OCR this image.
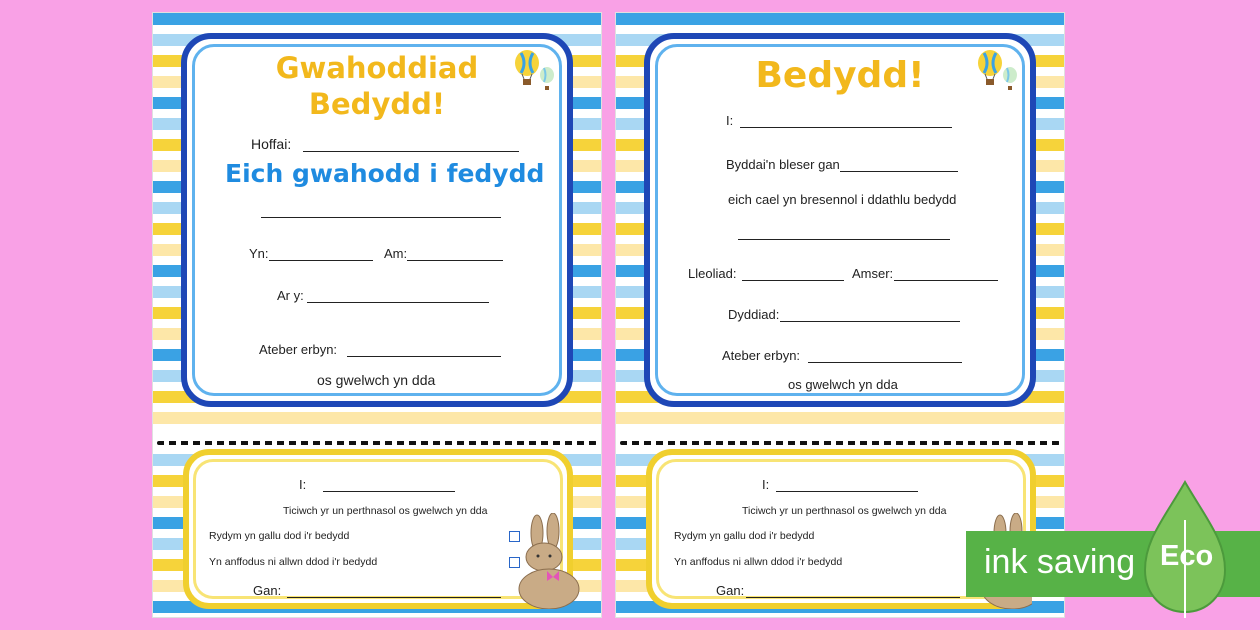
Gwahoddiad
Bedydd!
Hoffai:
Eich gwahodd i fedydd
Yn:	Am:
Ar y:
Ateber erbyn:
os gwelwch yn dda
I:
Ticiwch yr un perthnasol os gwelwch yn dda
Rydym yn gallu dod i'r bedydd
Yn anffodus ni allwn ddod i'r bedydd
Gan:
Bedydd!
I:
Byddai'n bleser gan
eich cael yn bresennol i ddathlu bedydd
Lleoliad:	Amser:
Dyddiad:
Ateber erbyn:
os gwelwch yn dda
I:
Ticiwch yr un perthnasol os gwelwch yn dda
Rydym yn gallu dod i'r bedydd
Yn anffodus ni allwn ddod i'r bedydd
Gan:
ink saving Eco
